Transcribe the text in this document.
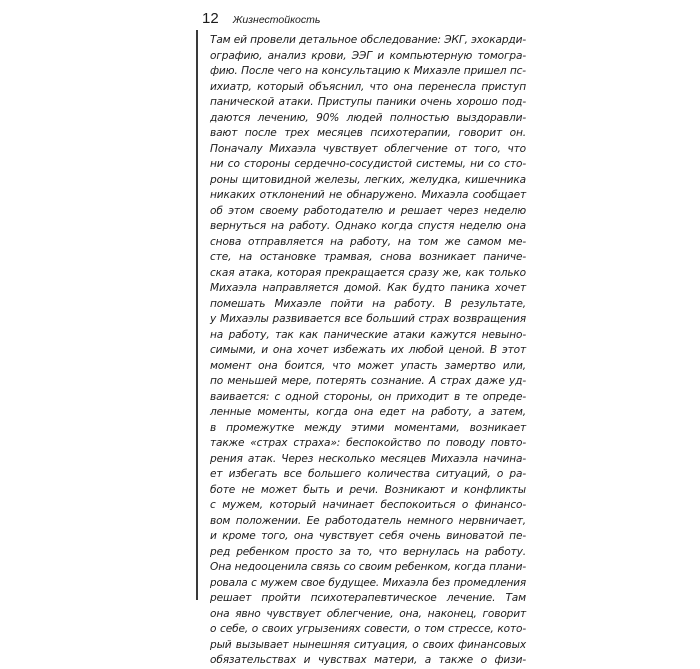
12 Жизнестойкость
Там ей провели детальное обследование: ЭКГ, эхокарди-
ографию, анализ крови, ЭЭГ и компьютерную томогра-
фию. После чего на консультацию к Михаэле пришел пс-
ихиатр, который объяснил, что она перенесла приступ
панической атаки. Приступы паники очень хорошо под-
даются лечению, 90% людей полностью выздоравли-
вают после трех месяцев психотерапии, говорит он.
Поначалу Михаэла чувствует облегчение от того, что
ни со стороны сердечно-сосудистой системы, ни со сто-
роны щитовидной железы, легких, желудка, кишечника
никаких отклонений не обнаружено. Михаэла сообщает
об этом своему работодателю и решает через неделю
вернуться на работу. Однако когда спустя неделю она
снова отправляется на работу, на том же самом ме-
сте, на остановке трамвая, снова возникает паниче-
ская атака, которая прекращается сразу же, как только
Михаэла направляется домой. Как будто паника хочет
помешать Михаэле пойти на работу. В результате,
у Михаэлы развивается все больший страх возвращения
на работу, так как панические атаки кажутся невыно-
симыми, и она хочет избежать их любой ценой. В этот
момент она боится, что может упасть замертво или,
по меньшей мере, потерять сознание. А страх даже уд-
ваивается: с одной стороны, он приходит в те опреде-
ленные моменты, когда она едет на работу, а затем,
в промежутке между этими моментами, возникает
также «страх страха»: беспокойство по поводу повто-
рения атак. Через несколько месяцев Михаэла начина-
ет избегать все большего количества ситуаций, о ра-
боте не может быть и речи. Возникают и конфликты
с мужем, который начинает беспокоиться о финансо-
вом положении. Ее работодатель немного нервничает,
и кроме того, она чувствует себя очень виноватой пе-
ред ребенком просто за то, что вернулась на работу.
Она недооценила связь со своим ребенком, когда плани-
ровала с мужем свое будущее. Михаэла без промедления
решает пройти психотерапевтическое лечение. Там
она явно чувствует облегчение, она, наконец, говорит
о себе, о своих угрызениях совести, о том стрессе, кото-
рый вызывает нынешняя ситуация, о своих финансовых
обязательствах и чувствах матери, а также о физи-
